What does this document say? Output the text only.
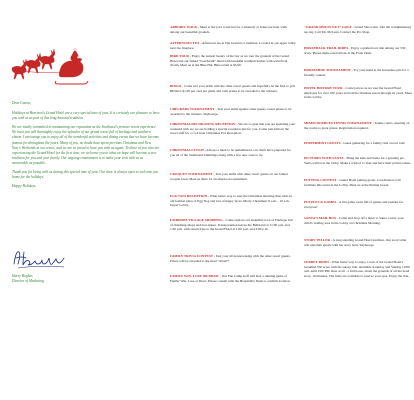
Dear Guests,

Holidays at Harrison's Grand Hotel are a very special time of year. It is certainly our pleasure to have you with us as part of this long-honored tradition.

We are totally committed to maintaining our reputation as the Southeast's premier resort experience. We trust you will thoroughly enjoy the splendor of our grand resort full of heritage and southern charm. I encourage you to enjoy all of the wonderful activities and dining events that we have become famous for throughout the years. Many of you, no doubt have spent previous Christmas and New Year's Weekends at our resort, and we are so proud to have you with us again. To those of you who are experiencing the Grand Hotel for the first time, we welcome you to what we hope will become a new tradition for you and your family. Our ongoing commitment is to make your visit with us as memorable as possible.

Thank you for being with us during this special time of year. Our door is always open to welcome you home for the holidays.

Happy Holidays,

Harry Hughes
Director of Marketing
ARBORIC WALK - Meet at the pool towel hut for a leisurely or brisk one hour walk among our beautiful grounds.
AFTERNOON TEA - Afternoon tea at The Grand is a tradition. Located in our upper lobby next the fireplace.
BIRD TOUR - Enjoy the natural beauty of the bay as we tour the grounds of the Grand Hotel and our famed "boardwalk" lined with beautiful southern homes with waterfront charm. Meet us at the Bike Hut. Bike rental is $5.00.
BINGO - Come test your skills with the other resort guests and hopefully be the first to yell BINGO. $1.00 per card per game and cash prizes to be awarded to the winners.
CHECKERS TOURNAMENT - Test your skills against other guests. Great prizes to be awarded to the winners. Skyhawge.
CHRISTMAS DECORATING RECEPTION - We are so glad that you are spending your weekend with us; we are holding a special reception just for you. Come join Julia in the resort staff for a cool hour Christmas Eve Reception.
CHRISTMAS LUNCH - Always a meal to be remembered, our chefs have prepared for you all of the traditional trimmings along with a few new ones to try.
CROQUET TOURNAMENT - Test your skills with other resort guests on our famed croquet lawn. Meet us there for an afternoon tournament.
EGG NOG RECEPTION - What better way to start the Christmas morning than with an old fashion glass of Egg Nog and lots of happy faces. Merry Christmas! 8 a.m. - 10 a.m. Upper Lobby.
FAIRHOPE VILLAGE SHOPPING - Come explore our beautiful town of Fairhope full of charming shops and bou-tiques. Transportation leaves the Bellstand at 11:00 a.m. and 1:30 p.m. with return trips to the Grand Hotel at 1:00 p.m. and 3:00 p.m.
FAMILY TRIVIA CONTEST - Test your trivia knowledge with the other resort guests. Prizes will be awarded to the most "trivial"!
FAMILY WIN, LOSE OR DRAW - Our Fun Camp staff will host a running game of Family Win, Lose or Draw. Please consult with the Hospitality Desk to confirm location.
"GRAND SHOOT OUT" GOLF - Grand Shoot Out. Join the complimentary tee day. Call Mr. McLean. Contact the Pro Shop.
HORSEBACK TRAIL RIDES - Enjoy a guided tour ride among our 550 acres. Please make reservations at the Front Desk.
HORSESHOE TOURNAMENT - Try your hand at the horseshoe pits for a friendly contest.
HOTEL HISTORY TOUR - Come join us as we tour the Grand Hotel employee for over 100 years and tell the fabulous resort through its years. Meet in the Lobby.
MIXED DOUBLES TENNIS TOURNAMENT - Tennis courts, meeting on the courts to great prizes. Registration required.
PEPPERMINT GUESTS - Guest gathering for a family chat on red wall.
PICTURES WITH SANTA - Bring the kids and Santa for a greeting pic. Santa will be in the lobby. Make a wish of to visit and have their picture taken.
PUTTING CONTEST - Grand Hotel putting green. Coordinators will facilitate this event in the Lobby. Meet us at the Putting Green.
PUZZLES & GAMES - A fun game room full of games and puzzles for everyone!
SANTA'S MAIL BOX - Come and drop off a letter to Santa. Leave your child's visiting area in the Lobby on Christmas Morning.
STORY TELLER - A long standing Grand Hotel tradition. Our story teller will entertain guests with her story hour. Skyhawge.
SURREY RIDES - What better way to enjoy a tour of the Grand Hotel's beautiful 550 acres with the surrey ride. Available Saturday and Sunday 10:00 a.m. until 2:00 PM. Rest at all - a full horse, about the grounds of all the hotel story. 10 minutes. The rides are available to reserve your spot. Enjoy the ride.
